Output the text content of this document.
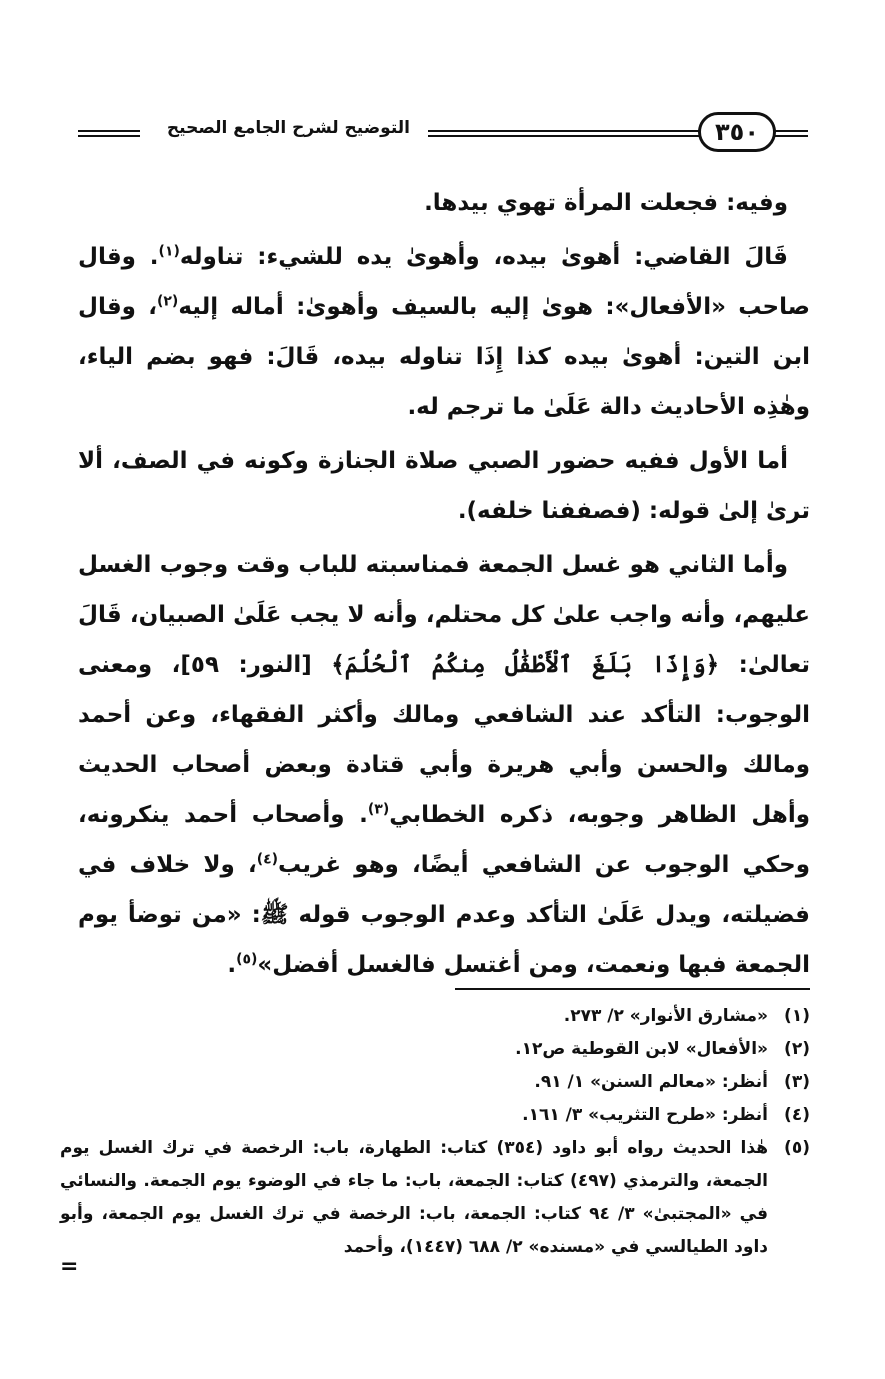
التوضيح لشرح الجامع الصحيح	٣٥٠

وفيه: فجعلت المرأة تهوي بيدها.

قَالَ القاضي: أهوىٰ بيده، وأهوىٰ يده للشيء: تناوله$^{(١)}$. وقال صاحب «الأفعال»: هوىٰ إليه بالسيف وأهوىٰ: أماله إليه$^{(٢)}$، وقال ابن التين: أهوىٰ بيده كذا إِذَا تناوله بيده، قَالَ: فهو بضم الياء، وهٰذِه الأحاديث دالة عَلَىٰ ما ترجم له.

أما الأول ففيه حضور الصبي صلاة الجنازة وكونه في الصف، ألا ترىٰ إلىٰ قوله: (فصففنا خلفه).

وأما الثاني هو غسل الجمعة فمناسبته للباب وقت وجوب الغسل عليهم، وأنه واجب علىٰ كل محتلم، وأنه لا يجب عَلَىٰ الصبيان، قَالَ تعالىٰ: ﴿وَإِذَا بَلَغَ ٱلْأَطْفَٰلُ مِنكُمُ ٱلْحُلُمَ﴾ [النور: ٥٩]، ومعنى الوجوب: التأكد عند الشافعي ومالك وأكثر الفقهاء، وعن أحمد ومالك والحسن وأبي هريرة وأبي قتادة وبعض أصحاب الحديث وأهل الظاهر وجوبه، ذكره الخطابي$^{(٣)}$. وأصحاب أحمد ينكرونه، وحكي الوجوب عن الشافعي أيضًا، وهو غريب$^{(٤)}$، ولا خلاف في فضيلته، ويدل عَلَىٰ التأكد وعدم الوجوب قوله ﷺ: «من توضأ يوم الجمعة فبها ونعمت، ومن أغتسل فالغسل أفضل»$^{(٥)}$.

(١)
«مشارق الأنوار» ٢/ ٢٧٣.
(٢)
«الأفعال» لابن القوطية ص١٢.
(٣)
أنظر: «معالم السنن» ١/ ٩١.
(٤)
أنظر: «طرح التثريب» ٣/ ١٦١.
(٥)
هٰذا الحديث رواه أبو داود (٣٥٤) كتاب: الطهارة، باب: الرخصة في ترك الغسل يوم الجمعة، والترمذي (٤٩٧) كتاب: الجمعة، باب: ما جاء في الوضوء يوم الجمعة. والنسائي في «المجتبىٰ» ٣/ ٩٤ كتاب: الجمعة، باب: الرخصة في ترك الغسل يوم الجمعة، وأبو داود الطيالسي في «مسنده» ٢/ ٦٨٨ (١٤٤٧)، وأحمد
=
